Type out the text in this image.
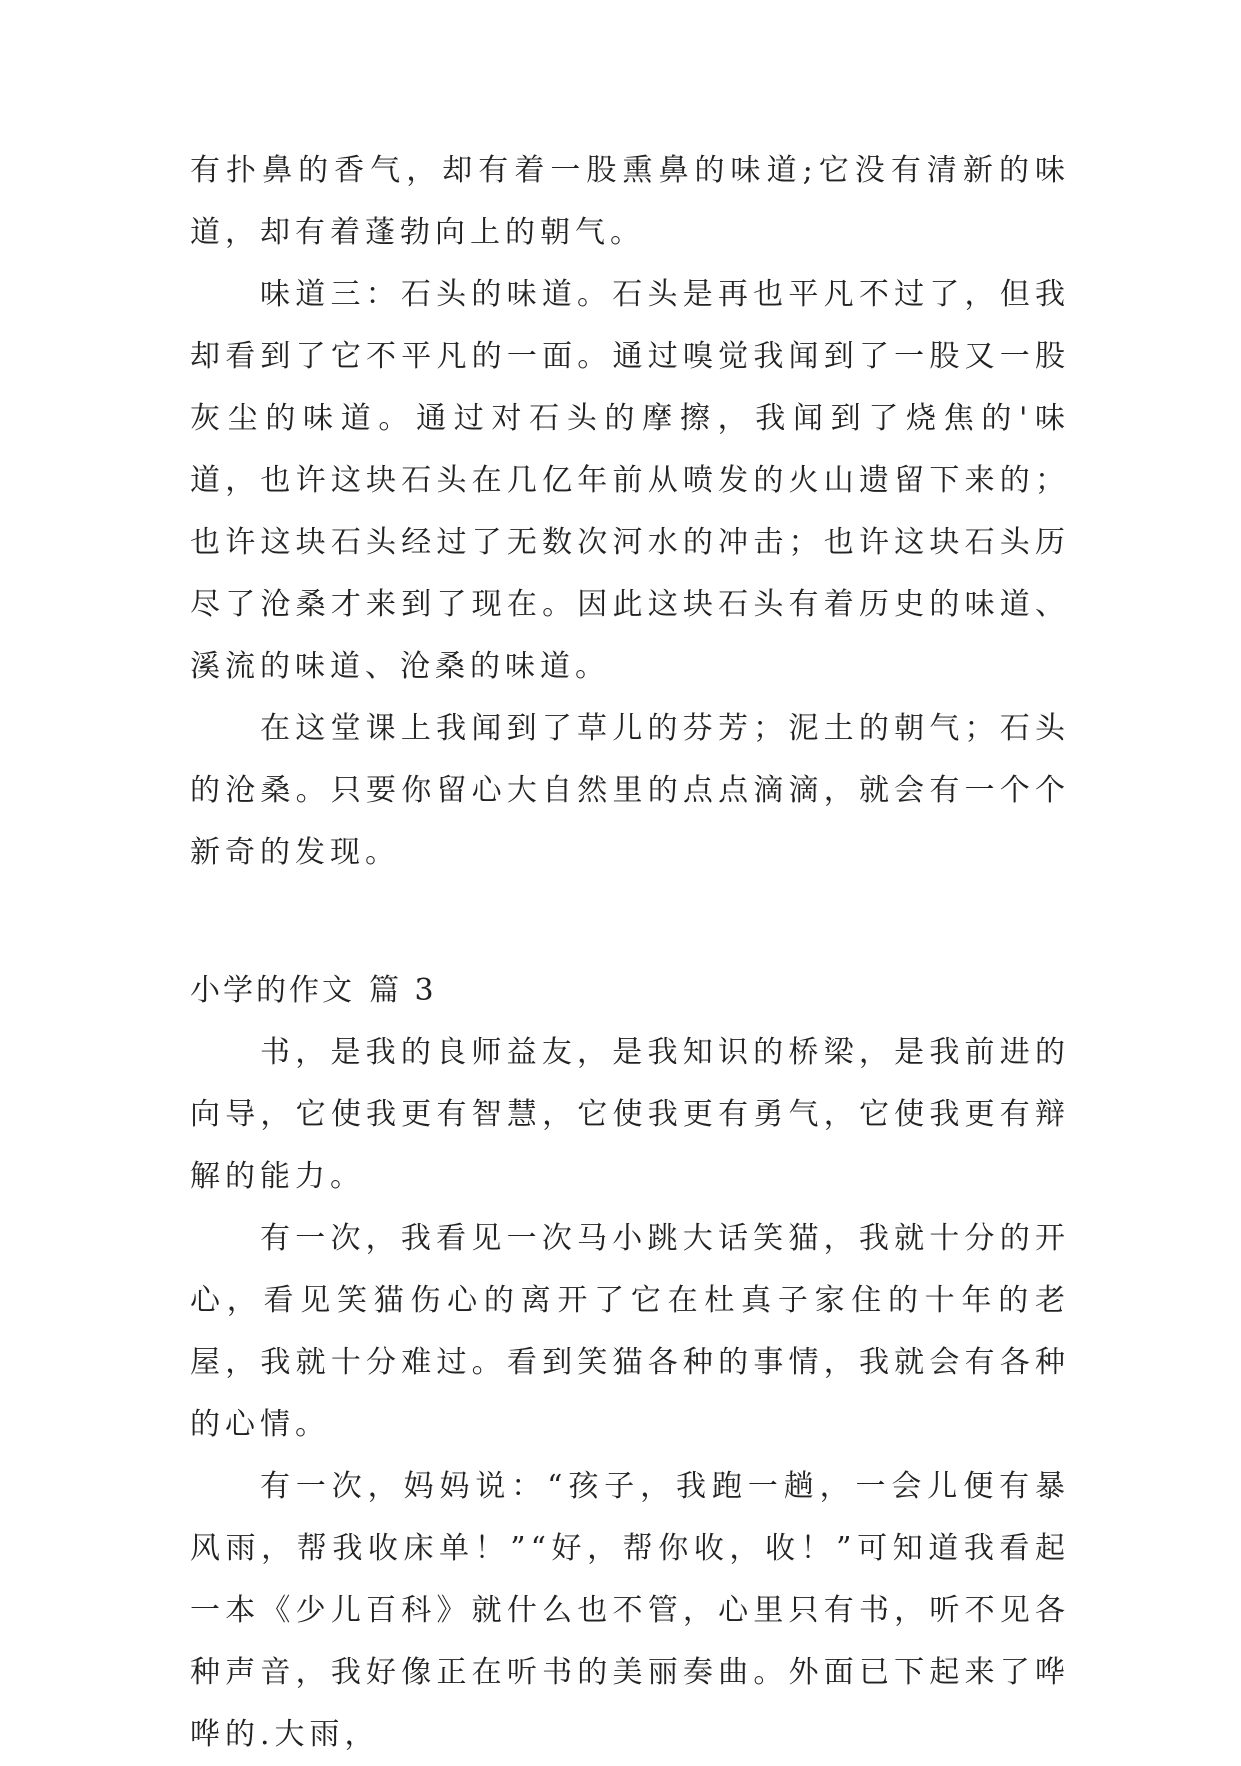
有扑鼻的香气，却有着一股熏鼻的味道;它没有清新的味道，却有着蓬勃向上的朝气。

味道三：石头的味道。石头是再也平凡不过了，但我却看到了它不平凡的一面。通过嗅觉我闻到了一股又一股灰尘的味道。通过对石头的摩擦，我闻到了烧焦的'味道，也许这块石头在几亿年前从喷发的火山遗留下来的；也许这块石头经过了无数次河水的冲击；也许这块石头历尽了沧桑才来到了现在。因此这块石头有着历史的味道、溪流的味道、沧桑的味道。

在这堂课上我闻到了草儿的芬芳；泥土的朝气；石头的沧桑。只要你留心大自然里的点点滴滴，就会有一个个新奇的发现。

小学的作文 篇 3

书，是我的良师益友，是我知识的桥梁，是我前进的向导，它使我更有智慧，它使我更有勇气，它使我更有辩解的能力。

有一次，我看见一次马小跳大话笑猫，我就十分的开心，看见笑猫伤心的离开了它在杜真子家住的十年的老屋，我就十分难过。看到笑猫各种的事情，我就会有各种的心情。

有一次，妈妈说：“孩子，我跑一趟，一会儿便有暴风雨，帮我收床单！”“好，帮你收，收！”可知道我看起一本《少儿百科》就什么也不管，心里只有书，听不见各种声音，我好像正在听书的美丽奏曲。外面已下起来了哗哗的.大雨，
